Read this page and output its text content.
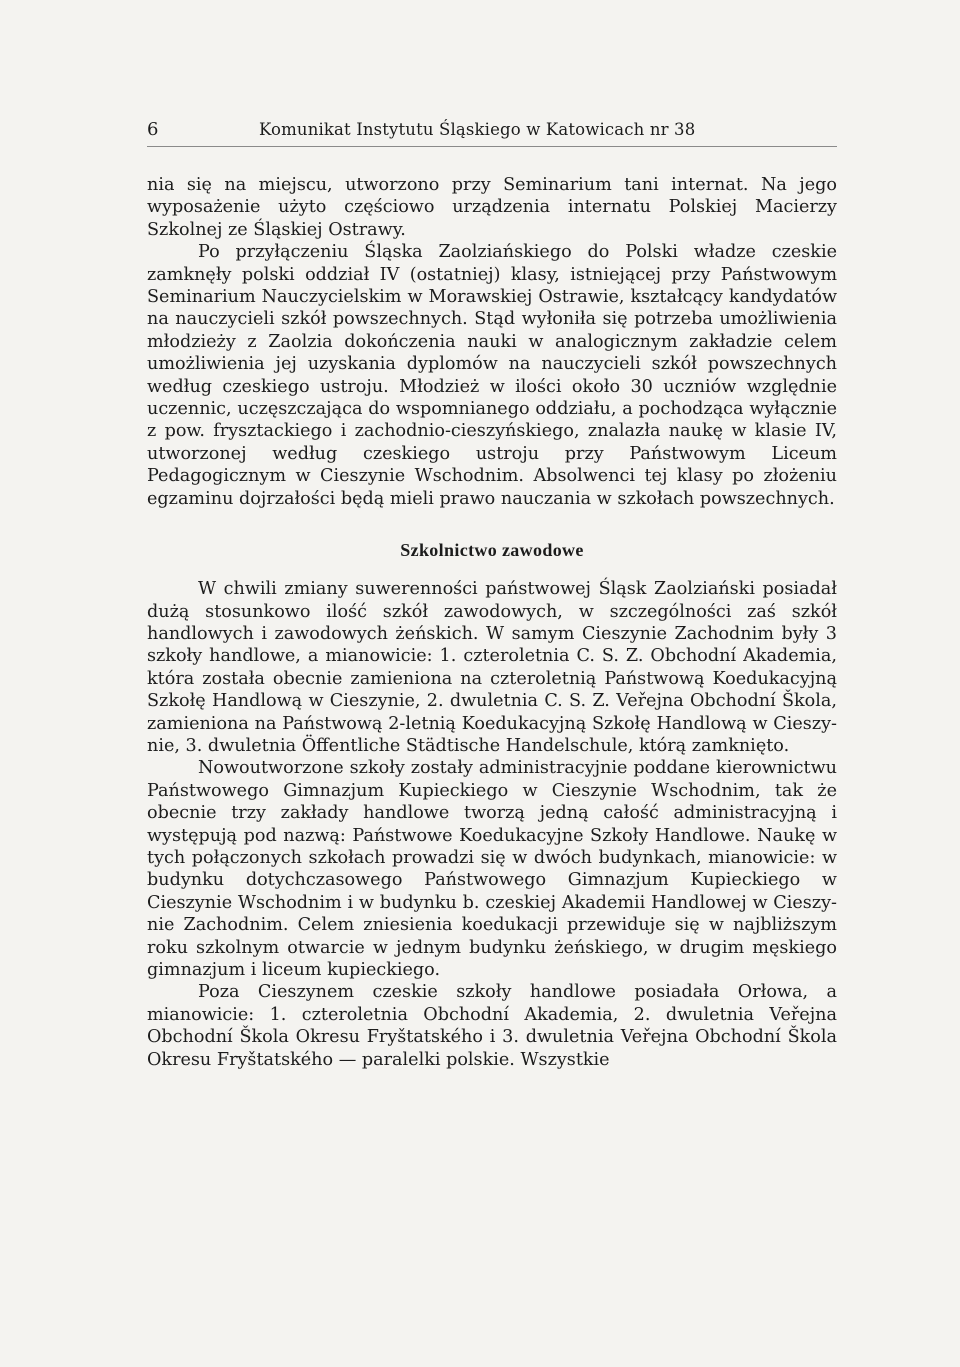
6	Komunikat Instytutu Śląskiego w Katowicach nr 38

nia się na miejscu, utworzono przy Seminarium tani internat. Na jego wyposażenie użyto częściowo urządzenia internatu Polskiej Macierzy Szkolnej ze Śląskiej Ostrawy.

Po przyłączeniu Śląska Zaolziańskiego do Polski władze czeskie zamknęły polski oddział IV (ostatniej) klasy, istniejącej przy Państwowym Seminarium Nauczycielskim w Morawskiej Ostrawie, kształcący kandydatów na nauczycieli szkół powszechnych. Stąd wyłoniła się potrzeba umożliwienia młodzieży z Zaolzia dokończenia nauki w analogicznym zakładzie celem umożliwienia jej uzyskania dyplomów na nauczycieli szkół powszechnych według czeskiego ustroju. Młodzież w ilości około 30 uczniów względnie uczennic, uczęszczająca do wspomnianego oddziału, a pochodząca wyłącznie z pow. frysztackiego i zachodnio-cieszyńskiego, znalazła naukę w klasie IV, utworzonej według czeskiego ustroju przy Państwowym Liceum Pedagogicznym w Cieszynie Wschodnim. Absolwenci tej klasy po złożeniu egzaminu dojrzałości będą mieli prawo nauczania w szkołach powszechnych.

Szkolnictwo zawodowe

W chwili zmiany suwerenności państwowej Śląsk Zaolziański posiadał dużą stosunkowo ilość szkół zawodowych, w szczególności zaś szkół handlowych i zawodowych żeńskich. W samym Cieszynie Zachodnim były 3 szkoły handlowe, a mianowicie: 1. czteroletnia C. S. Z. Obchodní Akademia, która została obecnie zamieniona na czteroletnią Państwową Koedukacyjną Szkołę Handlową w Cieszynie, 2. dwuletnia C. S. Z. Veřejna Obchodní Škola, zamieniona na Państwową 2-letnią Koedukacyjną Szkołę Handlową w Cieszynie, 3. dwuletnia Öffentliche Städtische Handelschule, którą zamknięto.

Nowoutworzone szkoły zostały administracyjnie poddane kierownictwu Państwowego Gimnazjum Kupieckiego w Cieszynie Wschodnim, tak że obecnie trzy zakłady handlowe tworzą jedną całość administracyjną i występują pod nazwą: Państwowe Koedukacyjne Szkoły Handlowe. Naukę w tych połączonych szkołach prowadzi się w dwóch budynkach, mianowicie: w budynku dotychczasowego Państwowego Gimnazjum Kupieckiego w Cieszynie Wschodnim i w budynku b. czeskiej Akademii Handlowej w Cieszynie Zachodnim. Celem zniesienia koedukacji przewiduje się w najbliższym roku szkolnym otwarcie w jednym budynku żeńskiego, w drugim męskiego gimnazjum i liceum kupieckiego.

Poza Cieszynem czeskie szkoły handlowe posiadała Orłowa, a mianowicie: 1. czteroletnia Obchodní Akademia, 2. dwuletnia Veřejna Obchodní Škola Okresu Fryštatského i 3. dwuletnia Veřejna Obchodní Škola Okresu Fryštatského — paralelki polskie. Wszystkie
